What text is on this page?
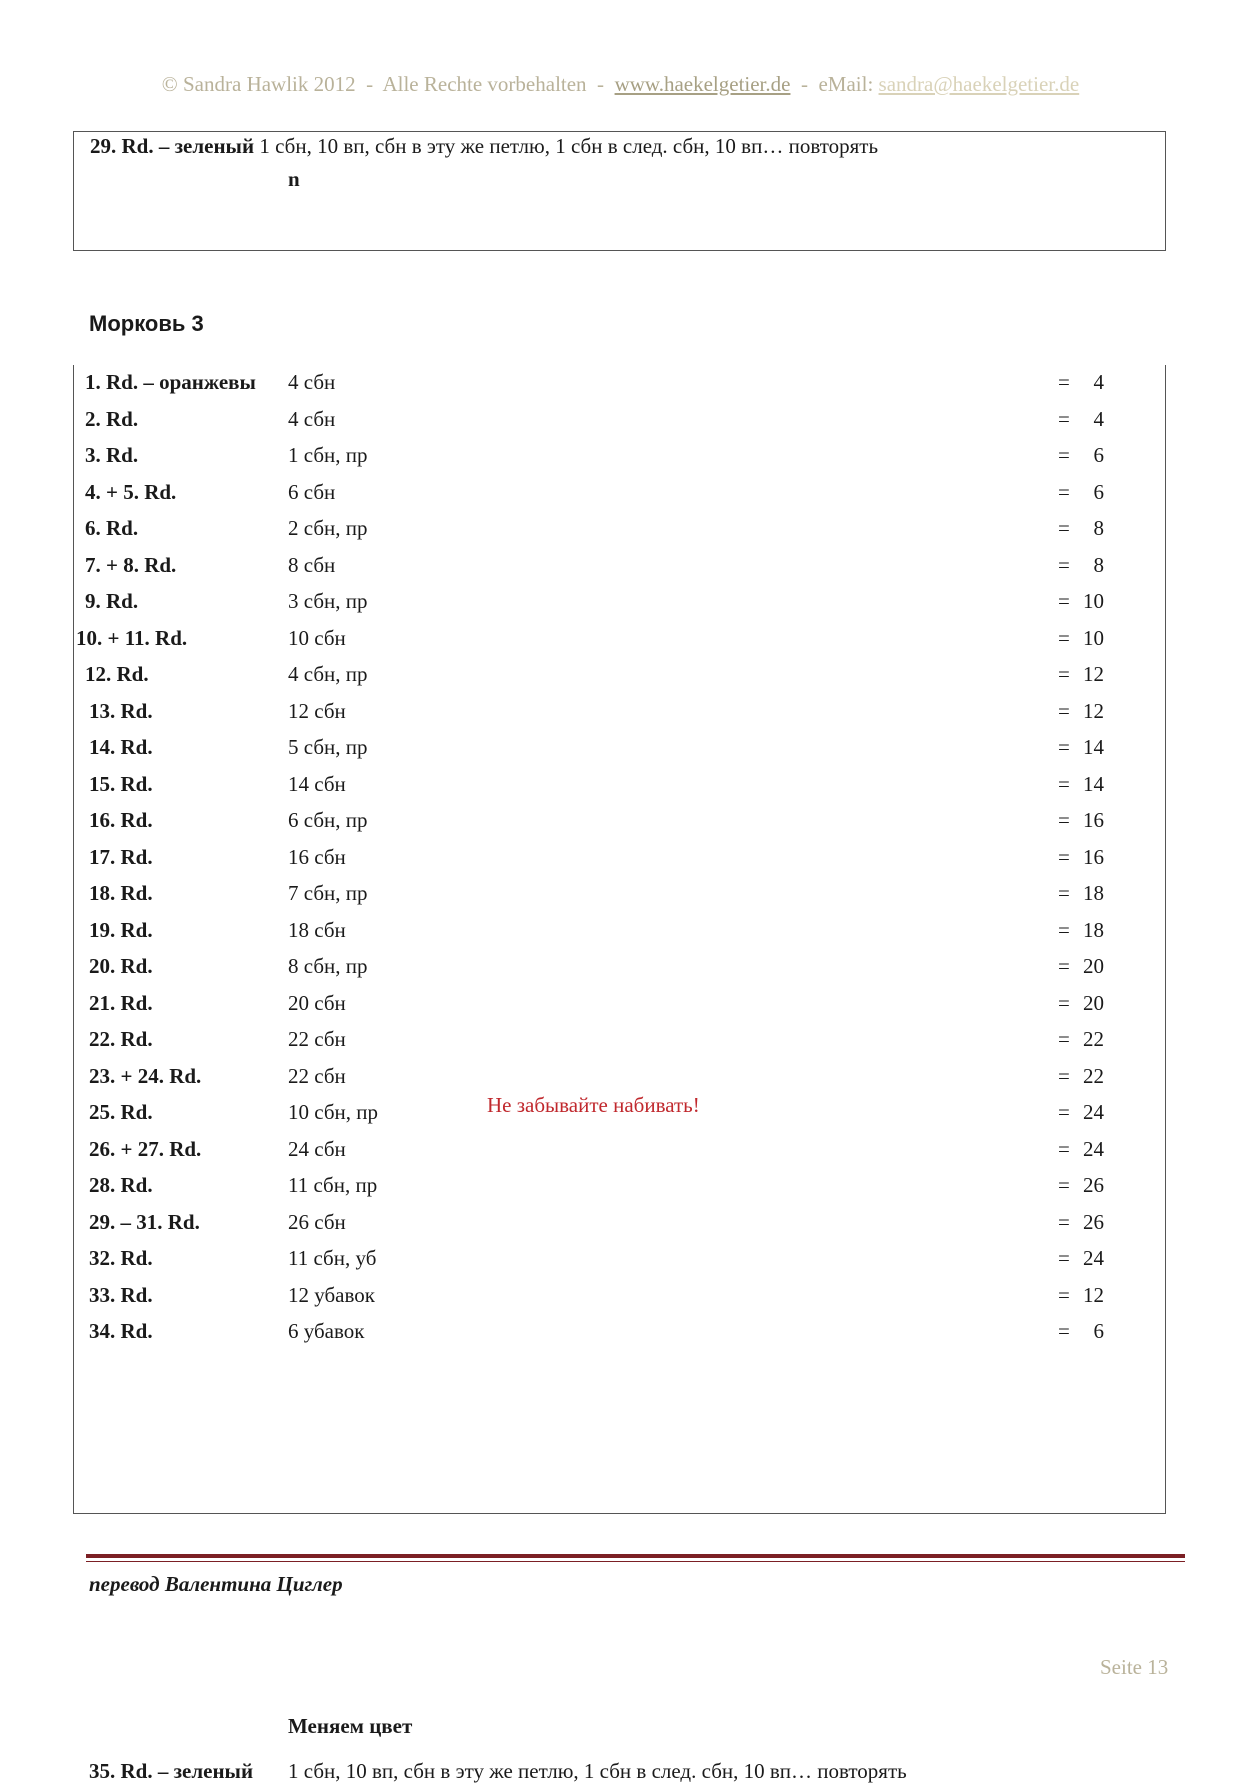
© Sandra Hawlik 2012  -  Alle Rechte vorbehalten  -  www.haekelgetier.de  -  eMail: sandra@haekelgetier.de
29. Rd. – зеленый 1 сбн, 10 вп, сбн в эту же петлю, 1 сбн в след. сбн, 10 вп… повторять
n
Морковь 3
Не забывайте набивать!
Меняем цвет
35. Rd. – зеленый 1 сбн, 10 вп, сбн в эту же петлю, 1 сбн в след. сбн, 10 вп… повторять
1. Rd. – оранжевы 4 сбн	=	4
2. Rd.	4 сбн	=	4
3. Rd.	1 сбн, пр	=	6
4. + 5. Rd.	6 сбн	=	6
6. Rd.	2 сбн, пр	=	8
7. + 8. Rd.	8 сбн	=	8
9. Rd.	3 сбн, пр	= 10
10. + 11. Rd.	10 сбн	= 10
12. Rd.	4 сбн, пр	= 12
13. Rd.	12 сбн	= 12
14. Rd.	5 сбн, пр	= 14
15. Rd.	14 сбн	= 14
16. Rd.	6 сбн, пр	= 16
17. Rd.	16 сбн	= 16
18. Rd.	7 сбн, пр	= 18
19. Rd.	18 сбн	= 18
20. Rd.	8 сбн, пр	= 20
21. Rd.	20 сбн	= 20
22. Rd.	22 сбн	= 22
23. + 24. Rd.	22 сбн	= 22
25. Rd.	10 сбн, пр	= 24
26. + 27. Rd.	24 сбн	= 24
28. Rd.	11 сбн, пр	= 26
29. – 31. Rd.	26 сбн	= 26
32. Rd.	11 сбн, уб	= 24
33. Rd.	12 убавок	= 12
34. Rd.	6 убавок	=	6
перевод Валентина Циглер
Seite 13
